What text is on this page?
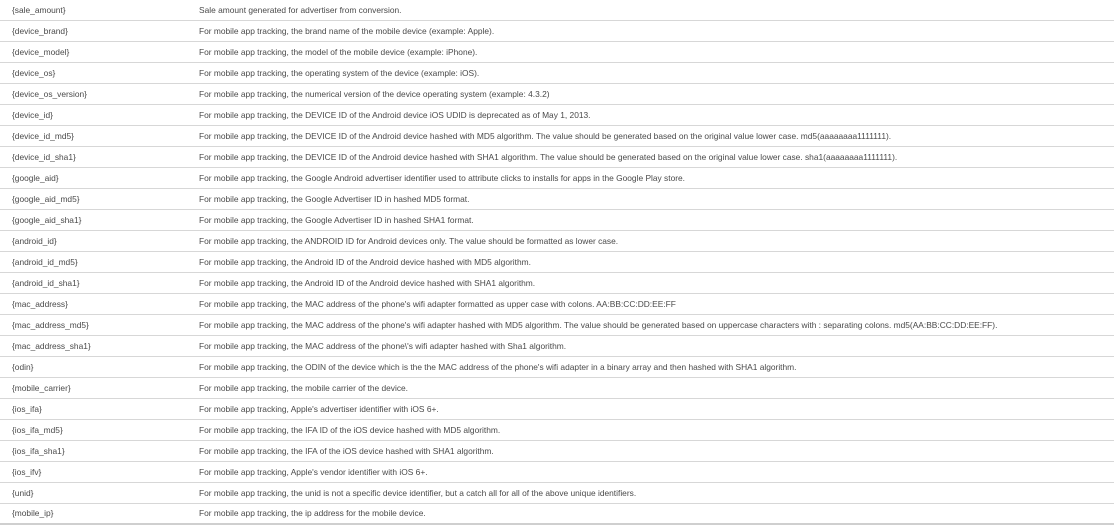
{sale_amount}	Sale amount generated for advertiser from conversion.
{device_brand}	For mobile app tracking, the brand name of the mobile device (example: Apple).
{device_model}	For mobile app tracking, the model of the mobile device (example: iPhone).
{device_os}	For mobile app tracking, the operating system of the device (example: iOS).
{device_os_version}	For mobile app tracking, the numerical version of the device operating system (example: 4.3.2)
{device_id}	For mobile app tracking, the DEVICE ID of the Android device iOS UDID is deprecated as of May 1, 2013.
{device_id_md5}	For mobile app tracking, the DEVICE ID of the Android device hashed with MD5 algorithm. The value should be generated based on the original value lower case. md5(aaaaaaaa1111111).
{device_id_sha1}	For mobile app tracking, the DEVICE ID of the Android device hashed with SHA1 algorithm. The value should be generated based on the original value lower case. sha1(aaaaaaaa1111111).
{google_aid}	For mobile app tracking, the Google Android advertiser identifier used to attribute clicks to installs for apps in the Google Play store.
{google_aid_md5}	For mobile app tracking, the Google Advertiser ID in hashed MD5 format.
{google_aid_sha1}	For mobile app tracking, the Google Advertiser ID in hashed SHA1 format.
{android_id}	For mobile app tracking, the ANDROID ID for Android devices only. The value should be formatted as lower case.
{android_id_md5}	For mobile app tracking, the Android ID of the Android device hashed with MD5 algorithm.
{android_id_sha1}	For mobile app tracking, the Android ID of the Android device hashed with SHA1 algorithm.
{mac_address}	For mobile app tracking, the MAC address of the phone's wifi adapter formatted as upper case with colons. AA:BB:CC:DD:EE:FF
{mac_address_md5}	For mobile app tracking, the MAC address of the phone's wifi adapter hashed with MD5 algorithm. The value should be generated based on uppercase characters with : separating colons. md5(AA:BB:CC:DD:EE:FF).
{mac_address_sha1}	For mobile app tracking, the MAC address of the phone\'s wifi adapter hashed with Sha1 algorithm.
{odin}	For mobile app tracking, the ODIN of the device which is the the MAC address of the phone's wifi adapter in a binary array and then hashed with SHA1 algorithm.
{mobile_carrier}	For mobile app tracking, the mobile carrier of the device.
{ios_ifa}	For mobile app tracking, Apple's advertiser identifier with iOS 6+.
{ios_ifa_md5}	For mobile app tracking, the IFA ID of the iOS device hashed with MD5 algorithm.
{ios_ifa_sha1}	For mobile app tracking, the IFA of the iOS device hashed with SHA1 algorithm.
{ios_ifv}	For mobile app tracking, Apple's vendor identifier with iOS 6+.
{unid}	For mobile app tracking, the unid is not a specific device identifier, but a catch all for all of the above unique identifiers.
{mobile_ip}	For mobile app tracking, the ip address for the mobile device.
